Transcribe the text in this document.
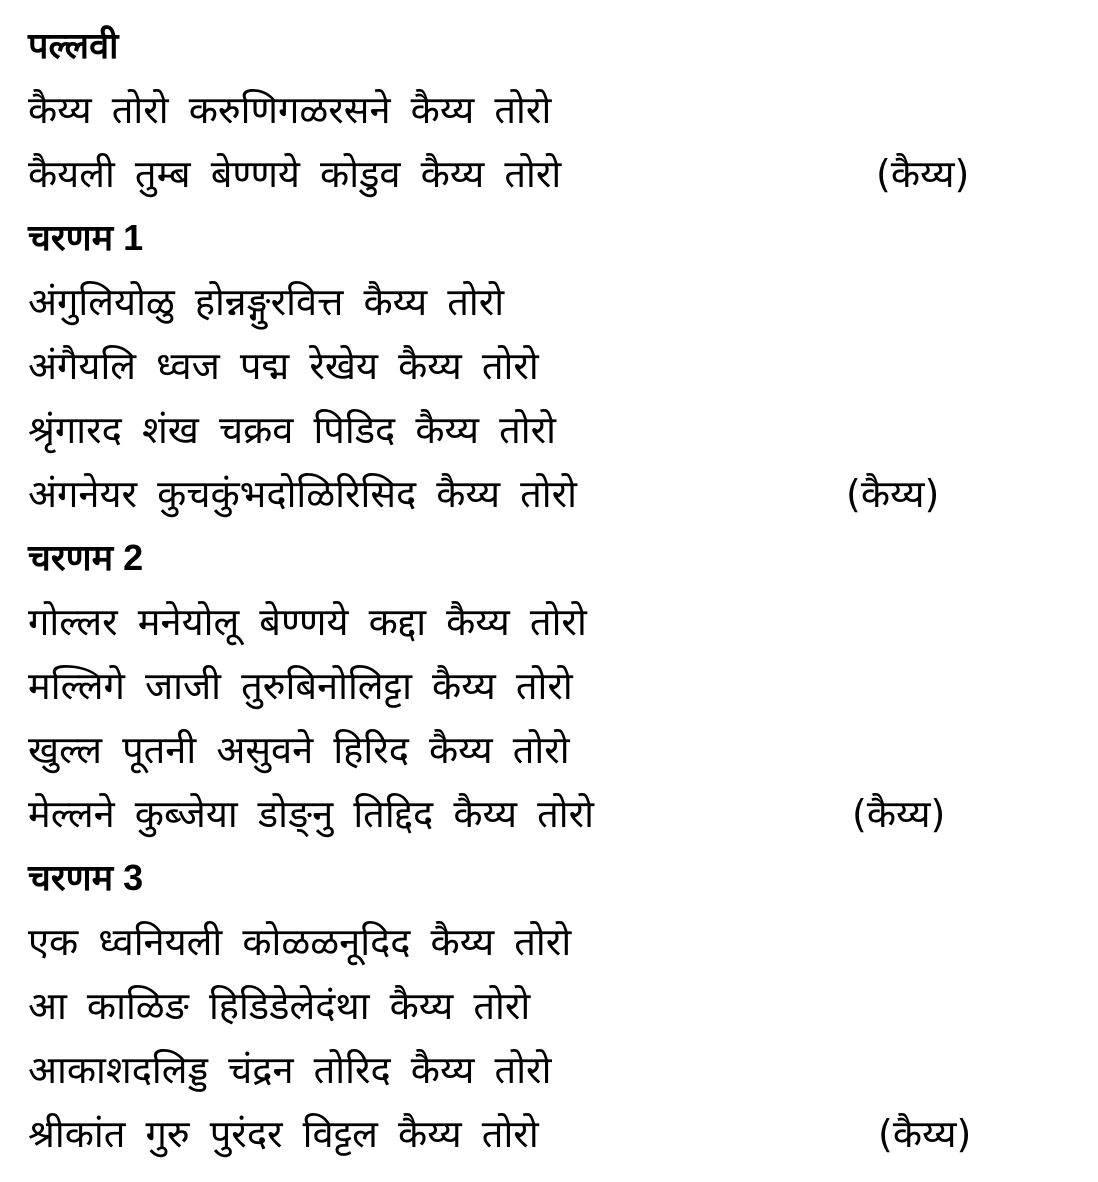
पल्लवी
कैय्य तोरो करुणिगळरसने कैय्य तोरो
कैयली तुम्ब बेण्णये कोडुव कैय्य तोरो	(कैय्य)
चरणम 1
अंगुलियोळु होन्नङ्गुरवित्त कैय्य तोरो
अंगैयलि ध्वज पद्म रेखेय कैय्य तोरो
श्रृंगारद शंख चक्रव पिडिद कैय्य तोरो
अंगनेयर कुचकुंभदोळिरिसिद कैय्य तोरो	(कैय्य)
चरणम 2
गोल्लर मनेयोलू बेण्णये कद्दा कैय्य तोरो
मल्लिगे जाजी तुरुबिनोलिट्टा कैय्य तोरो
खुल्ल पूतनी असुवने हिरिद कैय्य तोरो
मेल्लने कुब्जेया डोङ्नु तिद्दिद कैय्य तोरो	(कैय्य)
चरणम 3
एक ध्वनियली कोळळनूदिद कैय्य तोरो
आ काळिङ हिडिडेलेदंथा कैय्य तोरो
आकाशदलिड्ड चंद्रन तोरिद कैय्य तोरो
श्रीकांत गुरु पुरंदर विट्टल कैय्य तोरो	(कैय्य)
